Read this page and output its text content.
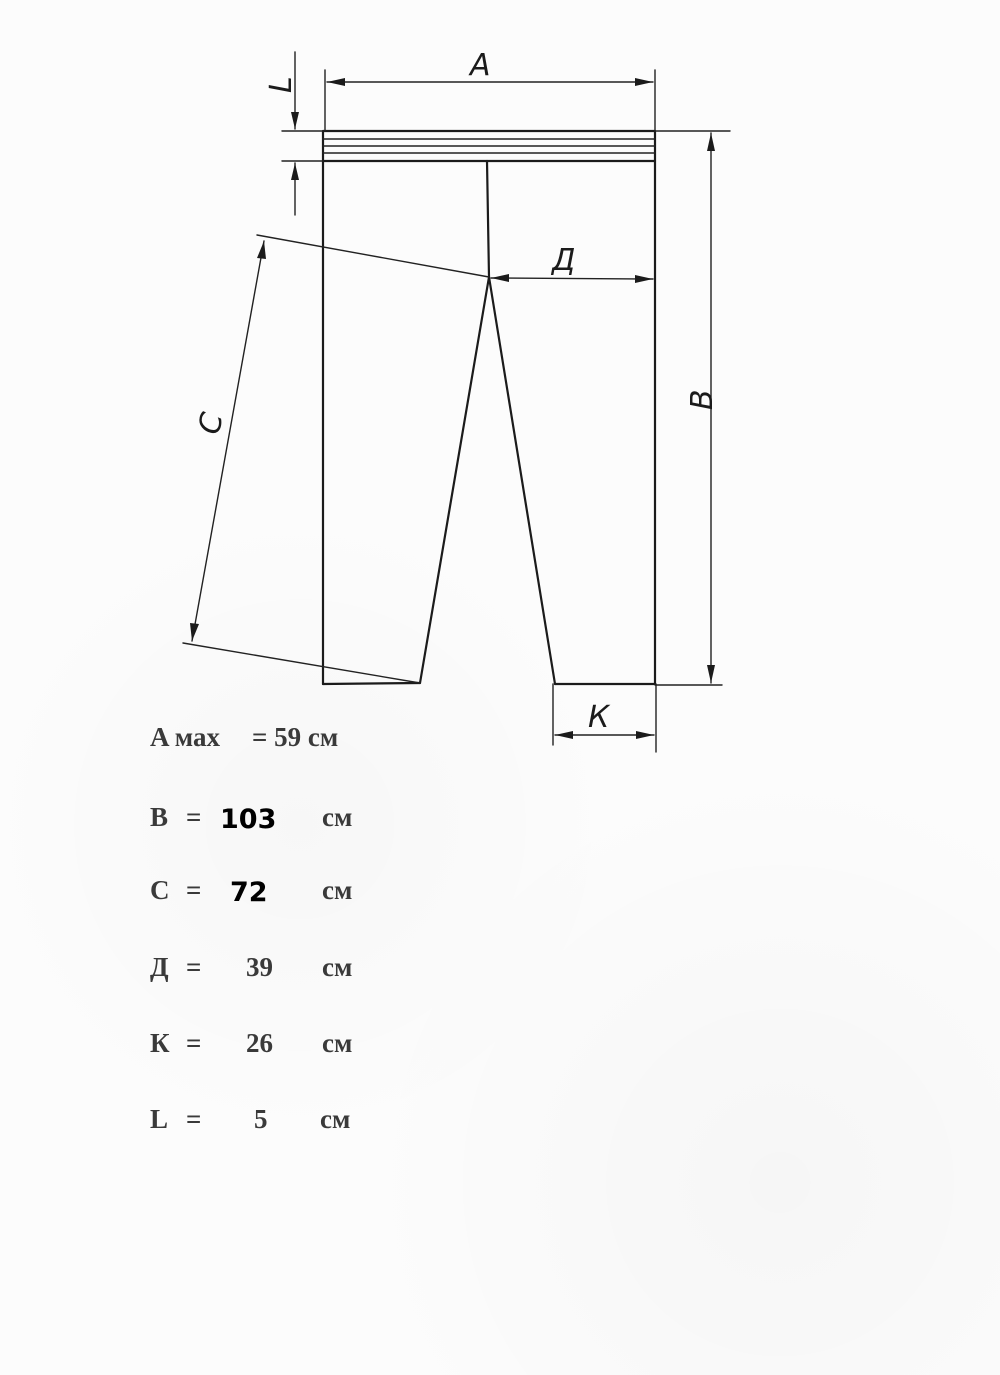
A
L
B
Д
C
К
A мах = 59 см
B = 103 см
C = 72 см
Д = 39 см
К = 26 см
L = 5 см
